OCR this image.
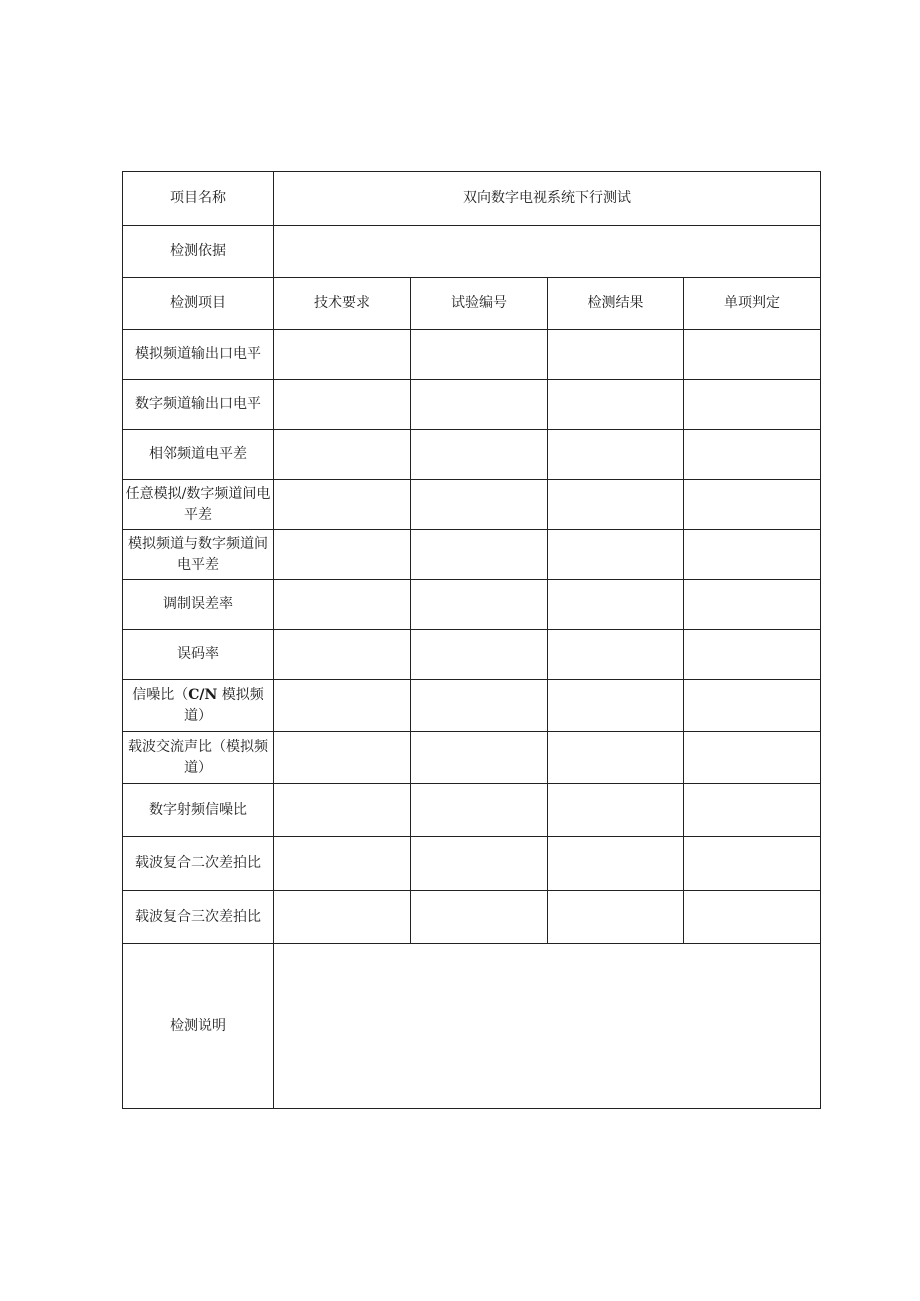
项目名称	双向数字电视系统下行测试			
检测依据				
检测项目	技术要求	试验编号	检测结果	单项判定
模拟频道输出口电平				
数字频道输出口电平				
相邻频道电平差				
任意模拟/数字频道间电平差				
模拟频道与数字频道间电平差				
调制误差率				
误码率				
信噪比（C/N 模拟频道）				
载波交流声比（模拟频道）				
数字射频信噪比				
载波复合二次差拍比				
载波复合三次差拍比				
检测说明				
